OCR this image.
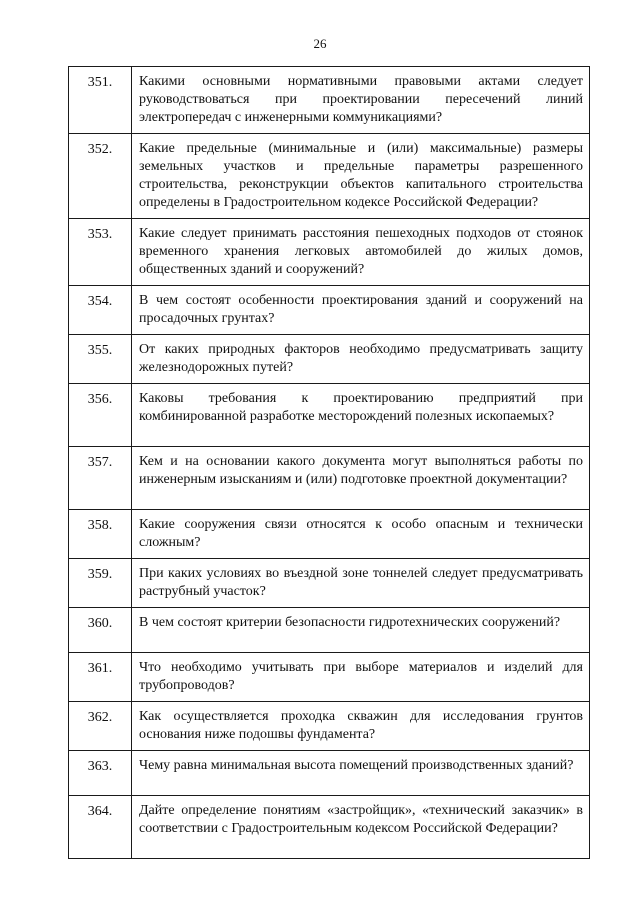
26
351.	Какими основными нормативными правовыми актами следует руководствоваться при проектировании пересечений линий электропередач с инженерными коммуникациями?

352.	Какие предельные (минимальные и (или) максимальные) размеры земельных участков и предельные параметры разрешенного строительства, реконструкции объектов капитального строительства определены в Градостроительном кодексе Российской Федерации?

353.	Какие следует принимать расстояния пешеходных подходов от стоянок временного хранения легковых автомобилей до жилых домов, общественных зданий и сооружений?

354.	В чем состоят особенности проектирования зданий и сооружений на просадочных грунтах?

355.	От каких природных факторов необходимо предусматривать защиту железнодорожных путей?

356.	Каковы требования к проектированию предприятий при комбинированной разработке месторождений полезных ископаемых?

357.	Кем и на основании какого документа могут выполняться работы по инженерным изысканиям и (или) подготовке проектной документации?

358.	Какие сооружения связи относятся к особо опасным и технически сложным?

359.	При каких условиях во въездной зоне тоннелей следует предусматривать раструбный участок?

360.	В чем состоят критерии безопасности гидротехнических сооружений?

361.	Что необходимо учитывать при выборе материалов и изделий для трубопроводов?

362.	Как осуществляется проходка скважин для исследования грунтов основания ниже подошвы фундамента?

363.	Чему равна минимальная высота помещений производственных зданий?

364.	Дайте определение понятиям «застройщик», «технический заказчик» в соответствии с Градостроительным кодексом Российской Федерации?
